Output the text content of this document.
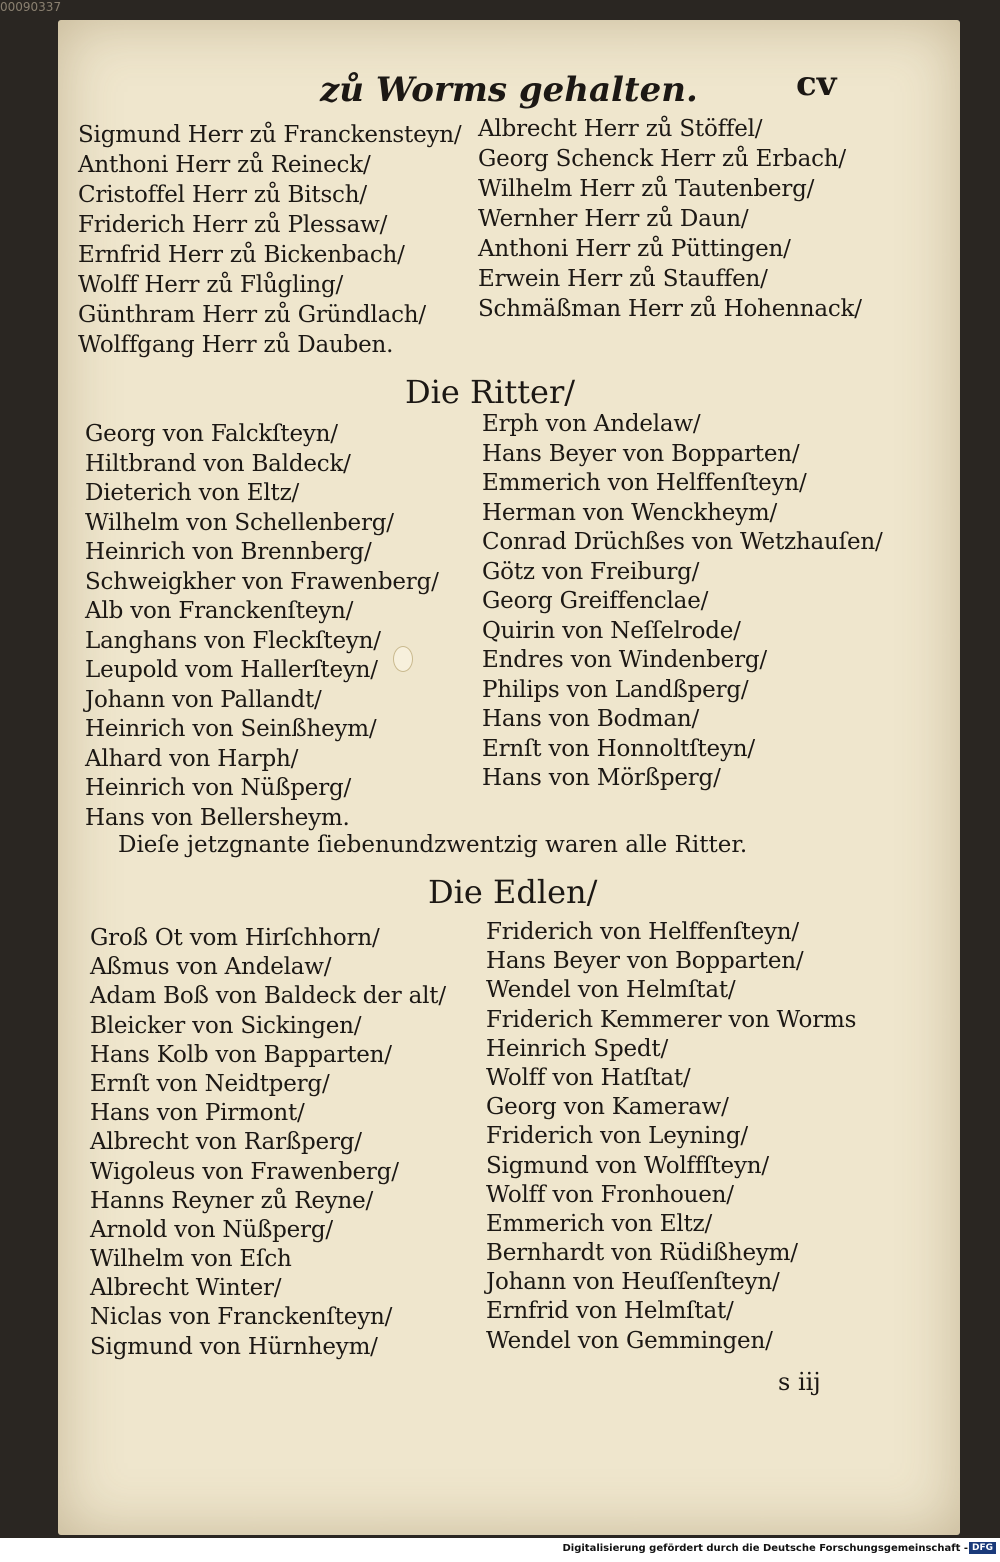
00090337
zů Worms gehalten.	cv
Sigmund Herr zů Franckensteyn/
Anthoni Herr zů Reineck/
Cristoffel Herr zů Bitsch/
Friderich Herr zů Plessaw/
Ernfrid Herr zů Bickenbach/
Wolff Herr zů Flůgling/
Günthram Herr zů Gründlach/
Wolffgang Herr zů Dauben.
Albrecht Herr zů Stöffel/
Georg Schenck Herr zů Erbach/
Wilhelm Herr zů Tautenberg/
Wernher Herr zů Daun/
Anthoni Herr zů Püttingen/
Erwein Herr zů Stauffen/
Schmäßman Herr zů Hohennack/
Die Ritter/
Georg von Falckſteyn/
Hiltbrand von Baldeck/
Dieterich von Eltz/
Wilhelm von Schellenberg/
Heinrich von Brennberg/
Schweigkher von Frawenberg/
Alb von Franckenſteyn/
Langhans von Fleckſteyn/
Leupold vom Hallerſteyn/
Johann von Pallandt/
Heinrich von Seinßheym/
Alhard von Harph/
Heinrich von Nüßperg/
Hans von Bellersheym.
Erph von Andelaw/
Hans Beyer von Bopparten/
Emmerich von Helffenſteyn/
Herman von Wenckheym/
Conrad Drüchßes von Wetzhauſen/
Götz von Freiburg/
Georg Greiffenclae/
Quirin von Neſſelrode/
Endres von Windenberg/
Philips von Landßperg/
Hans von Bodman/
Ernſt von Honnoltſteyn/
Hans von Mörßperg/
Dieſe jetzgnante ſiebenundzwentzig waren alle Ritter.
Die Edlen/
Groß Ot vom Hirſchhorn/
Aßmus von Andelaw/
Adam Boß von Baldeck der alt/
Bleicker von Sickingen/
Hans Kolb von Bapparten/
Ernſt von Neidtperg/
Hans von Pirmont/
Albrecht von Rarßperg/
Wigoleus von Frawenberg/
Hanns Reyner zů Reyne/
Arnold von Nüßperg/
Wilhelm von Eſch
Albrecht Winter/
Niclas von Franckenſteyn/
Sigmund von Hürnheym/
Friderich von Helffenſteyn/
Hans Beyer von Bopparten/
Wendel von Helmſtat/
Friderich Kemmerer von Worms
Heinrich Spedt/
Wolff von Hatſtat/
Georg von Kameraw/
Friderich von Leyning/
Sigmund von Wolffſteyn/
Wolff von Fronhouen/
Emmerich von Eltz/
Bernhardt von Rüdißheym/
Johann von Heuſſenſteyn/
Ernfrid von Helmſtat/
Wendel von Gemmingen/
s iij
Digitalisierung gefördert durch die Deutsche Forschungsgemeinschaft - DFG
